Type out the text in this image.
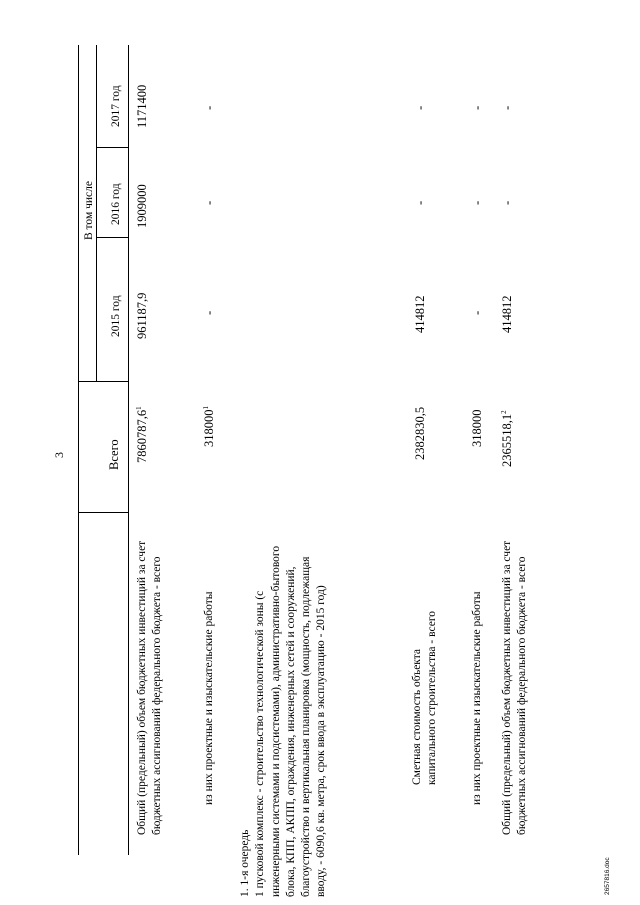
3	Всего
В том числе
2015 год
2016 год
2017 год
Общий (предельный) объем бюджетных инвестиций за счет бюджетных ассигнований федерального бюджета - всего
7860787,6$^1$
961187,9
1909000
1171400
из них проектные и изыскательские работы
318000$^1$
-
-
-
1. 1-я очередь
1 пусковой комплекс - строительство технологической зоны (с инженерными системами и подсистемами), административно-бытового блока, КПП, АКПП, ограждения, инженерных сетей и сооружений, благоустройство и вертикальная планировка (мощность, подлежащая вводу, - 6090,6 кв. метра, срок ввода в эксплуатацию - 2015 год)
Сметная стоимость объекта капитального строительства - всего
2382830,5
414812
-
-
из них проектные и изыскательские работы
318000
-
-
-
Общий (предельный) объем бюджетных инвестиций за счет бюджетных ассигнований федерального бюджета - всего
2365518,1$^2$
414812
-
-
2657816.doc
